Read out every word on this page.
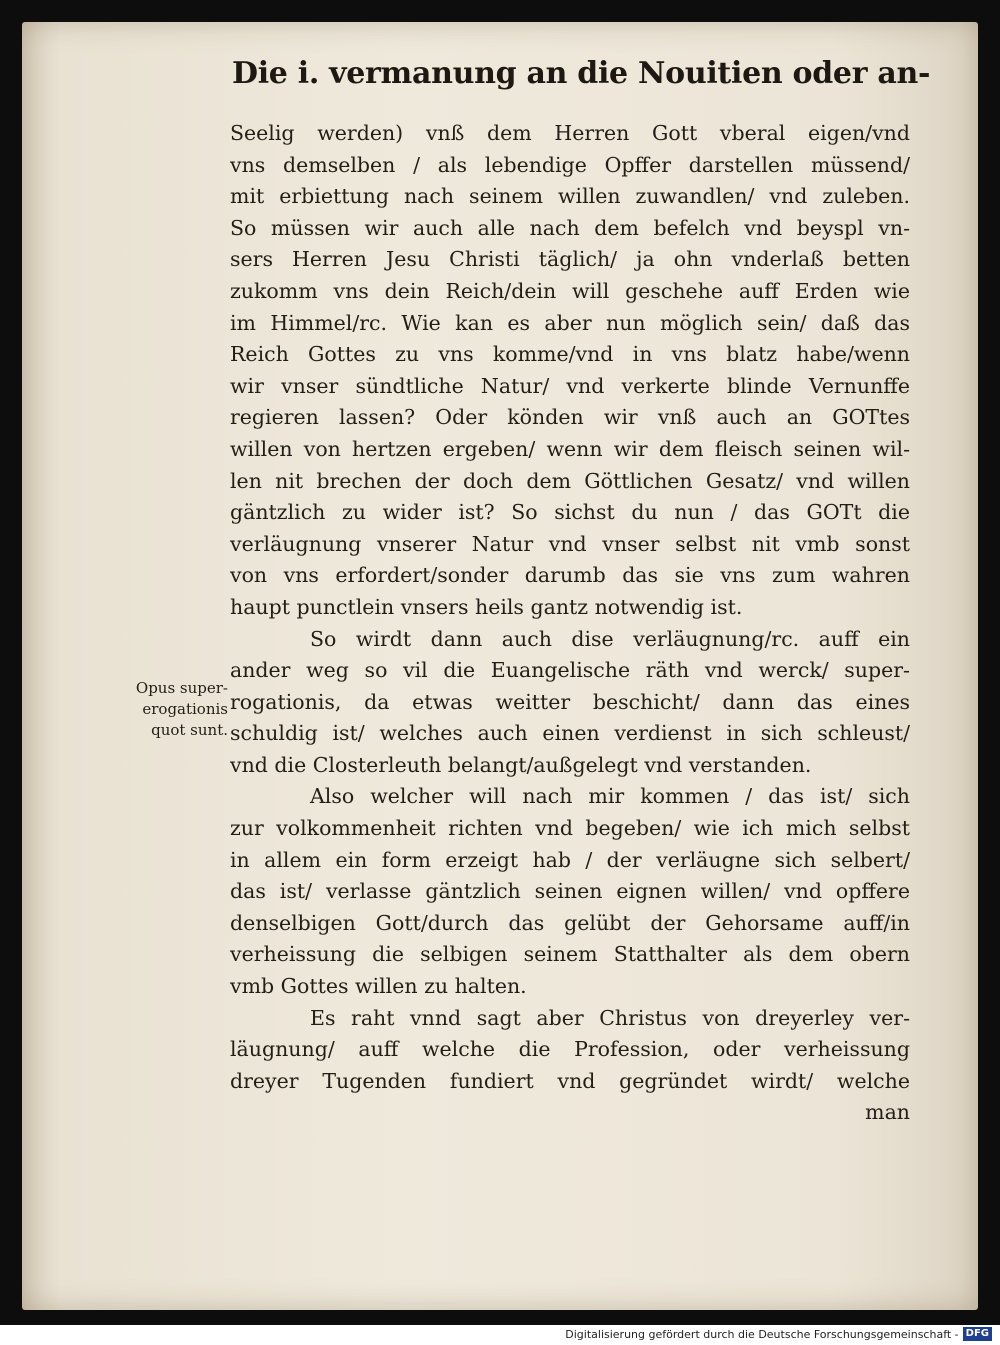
Die i. vermanung an die Nouitien oder an-
Seelig werden) vnß dem Herren Gott vberal eigen/vnd
vns demselben / als lebendige Opffer darstellen müssend/
mit erbiettung nach seinem willen zuwandlen/ vnd zuleben.
So müssen wir auch alle nach dem befelch vnd beyspl vn-
sers Herren Jesu Christi täglich/ ja ohn vnderlaß betten
zukomm vns dein Reich/dein will geschehe auff Erden wie
im Himmel/rc. Wie kan es aber nun möglich sein/ daß das
Reich Gottes zu vns komme/vnd in vns blatz habe/wenn
wir vnser sündtliche Natur/ vnd verkerte blinde Vernunffe
regieren lassen? Oder könden wir vnß auch an GOTtes
willen von hertzen ergeben/ wenn wir dem fleisch seinen wil-
len nit brechen der doch dem Göttlichen Gesatz/ vnd willen
gäntzlich zu wider ist? So sichst du nun / das GOTt die
verläugnung vnserer Natur vnd vnser selbst nit vmb sonst
von vns erfordert/sonder darumb das sie vns zum wahren
haupt punctlein vnsers heils gantz notwendig ist.
So wirdt dann auch dise verläugnung/rc. auff ein
ander weg so vil die Euangelische räth vnd werck/ super-
rogationis, da etwas weitter beschicht/ dann das eines
schuldig ist/ welches auch einen verdienst in sich schleust/
vnd die Closterleuth belangt/außgelegt vnd verstanden.
Also welcher will nach mir kommen / das ist/ sich
zur volkommenheit richten vnd begeben/ wie ich mich selbst
in allem ein form erzeigt hab / der verläugne sich selbert/
das ist/ verlasse gäntzlich seinen eignen willen/ vnd opffere
denselbigen Gott/durch das gelübt der Gehorsame auff/in
verheissung die selbigen seinem Statthalter als dem obern
vmb Gottes willen zu halten.
Es raht vnnd sagt aber Christus von dreyerley ver-
läugnung/ auff welche die Profession, oder verheissung
dreyer Tugenden fundiert vnd gegründet wirdt/ welche
man
Opus super-
erogationis
quot sunt.
Digitalisierung gefördert durch die Deutsche Forschungsgemeinschaft - DFG
